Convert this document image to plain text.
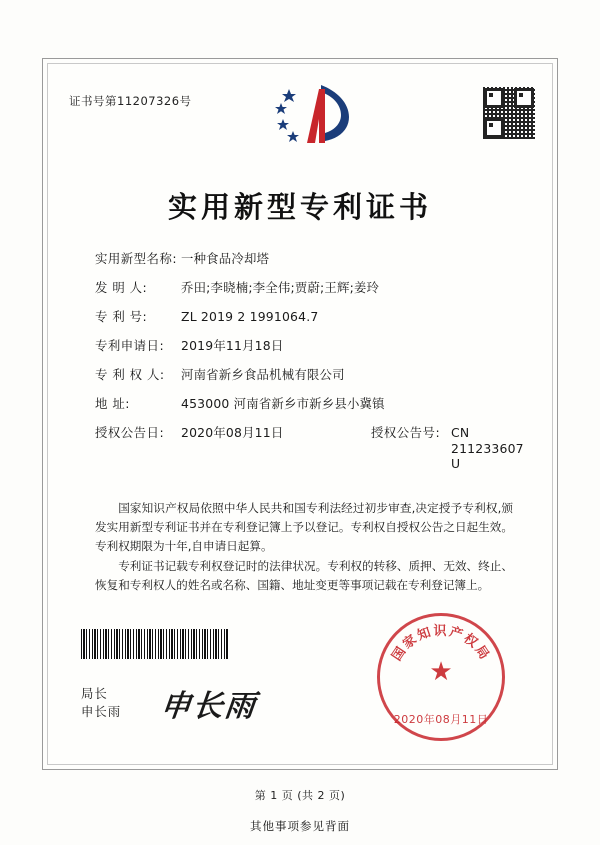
证书号第11207326号
实用新型专利证书
实用新型名称: 一种食品冷却塔
发 明 人:	乔田;李晓楠;李全伟;贾蔚;王辉;姜玲
专 利 号:	ZL 2019 2 1991064.7
专利申请日:	2019年11月18日
专 利 权 人:	河南省新乡食品机械有限公司
地 址:	453000 河南省新乡市新乡县小冀镇
授权公告日:	2020年08月11日	授权公告号: CN 211233607 U

国家知识产权局依照中华人民共和国专利法经过初步审查,决定授予专利权,颁发实用新型专利证书并在专利登记簿上予以登记。专利权自授权公告之日起生效。专利权期限为十年,自申请日起算。

专利证书记载专利权登记时的法律状况。专利权的转移、质押、无效、终止、恢复和专利权人的姓名或名称、国籍、地址变更等事项记载在专利登记簿上。

局长
申长雨 申长雨
国家知识产权局
★
2020年08月11日
第 1 页 (共 2 页)
其他事项参见背面
